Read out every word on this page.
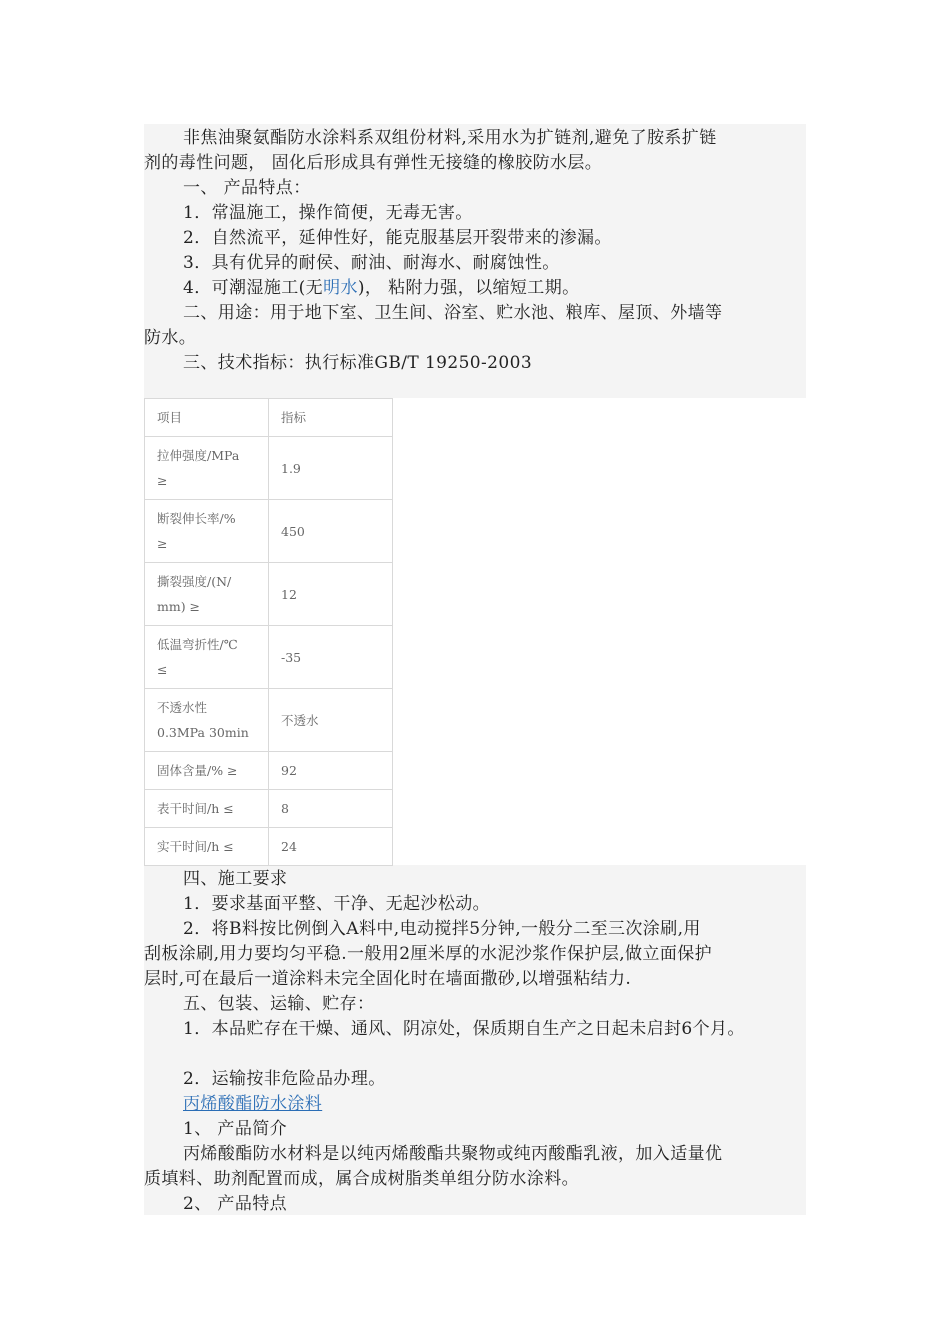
非焦油聚氨酯防水涂料系双组份材料,采用水为扩链剂,避免了胺系扩链
剂的毒性问题， 固化后形成具有弹性无接缝的橡胶防水层。
一、 产品特点：
1．常温施工，操作简便，无毒无害。
2．自然流平，延伸性好，能克服基层开裂带来的渗漏。
3．具有优异的耐侯、耐油、耐海水、耐腐蚀性。
4．可潮湿施工(无明水)， 粘附力强，以缩短工期。
二、用途：用于地下室、卫生间、浴室、贮水池、粮库、屋顶、外墙等
防水。
三、技术指标：执行标准GB/T 19250-2003
项目	指标

拉伸强度/MPa
≥	1.9

断裂伸长率/%
≥	450

撕裂强度/(N/
mm) ≥	12

低温弯折性/℃
≤	-35

不透水性
0.3MPa 30min	不透水
固体含量/% ≥	92
表干时间/h ≤	8
实干时间/h ≤	24
四、施工要求
1．要求基面平整、干净、无起沙松动。
2．将B料按比例倒入A料中,电动搅拌5分钟,一般分二至三次涂刷,用
刮板涂刷,用力要均匀平稳.一般用2厘米厚的水泥沙浆作保护层,做立面保护
层时,可在最后一道涂料未完全固化时在墙面撒砂,以增强粘结力.
五、包装、运输、贮存：
1．本品贮存在干燥、通风、阴凉处，保质期自生产之日起未启封6个月。
2．运输按非危险品办理。
丙烯酸酯防水涂料
1、 产品简介
丙烯酸酯防水材料是以纯丙烯酸酯共聚物或纯丙酸酯乳液，加入适量优
质填料、助剂配置而成，属合成树脂类单组分防水涂料。
2、 产品特点
